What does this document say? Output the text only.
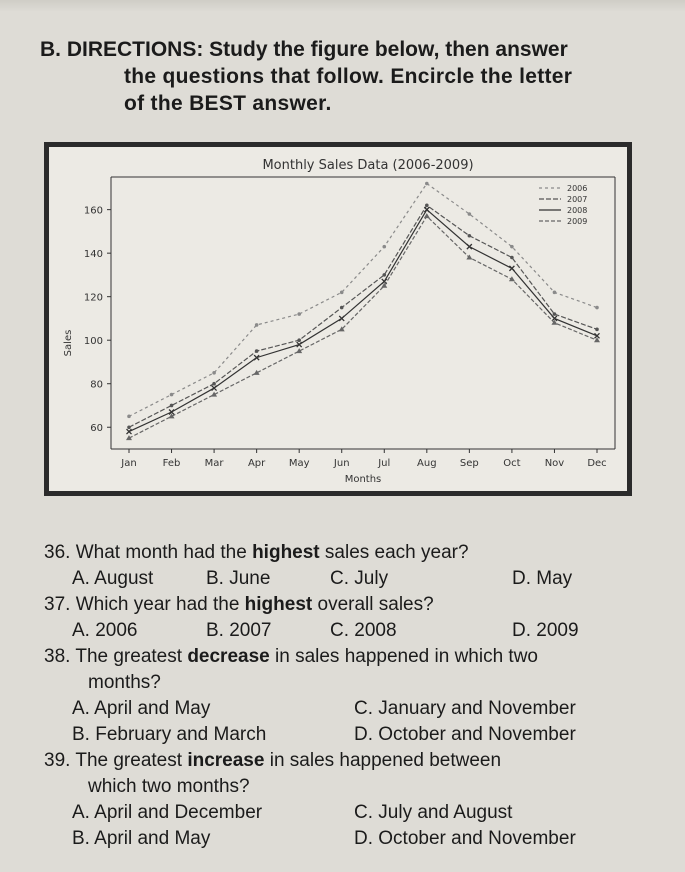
B. DIRECTIONS: Study the figure below, then answer
the questions that follow. Encircle the letter
of the BEST answer.
Monthly Sales Data (2006-2009)
60
80
100
120
140
160
Jan	Feb Mar Apr May Jun	Jul	Aug Sep Oct Nov Dec
Months
Sales
2006
2007
2008
2009
36. What month had the highest sales each year?
A. August	B. June	C. July	D. May
37. Which year had the highest overall sales?
A. 2006	B. 2007	C. 2008	D. 2009
38. The greatest decrease in sales happened in which two
months?
A. April and May	C. January and November
B. February and March	D. October and November
39. The greatest increase in sales happened between
which two months?
A. April and December	C. July and August
B. April and May	D. October and November
